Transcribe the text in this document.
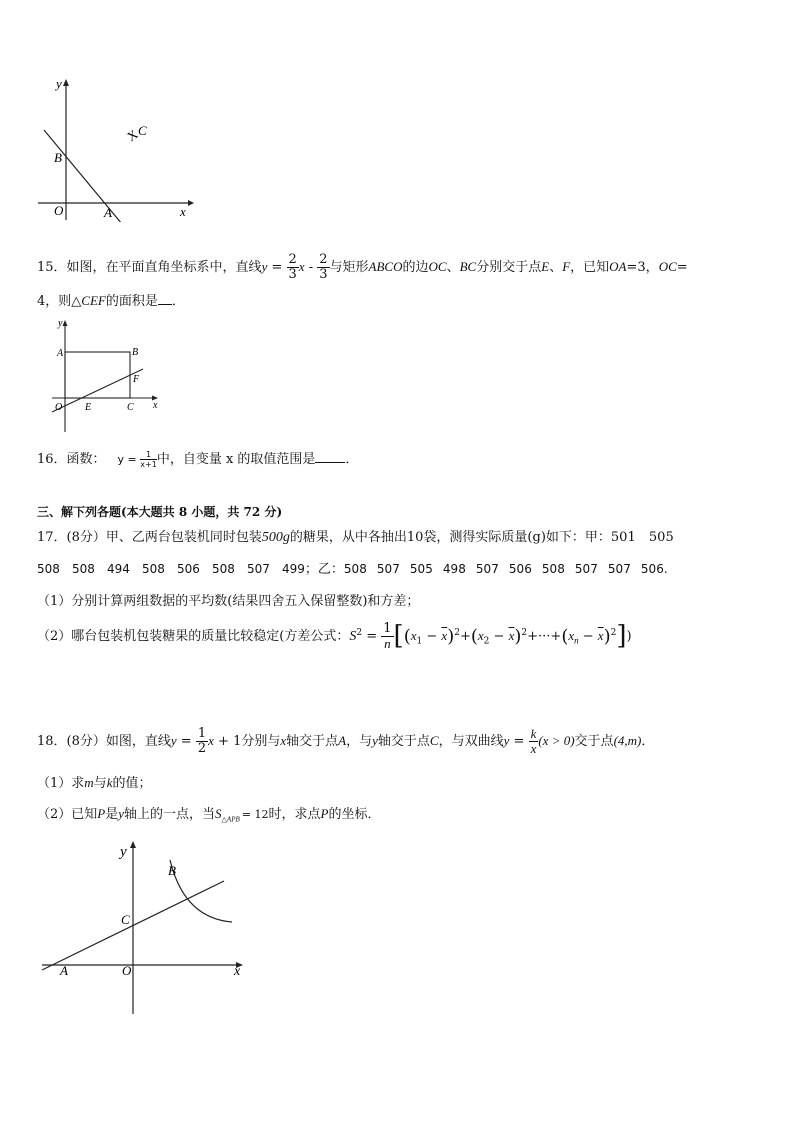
y
B
O	A	x
X
C
15．如图，在平面直角坐标系中，直线$y = \frac{2}{3}$ x - $\frac{2}{3}$ 与矩形ABCO的边OC、BC分别交于点E、F，已知OA=3，OC=
4，则△CEF的面积是 ．
y
A	B
F
O E	C x
16．函数： $y = \frac{1}{x+1}$ 中，自变量 x 的取值范围是 ．
三、解下列各题(本大题共 8 小题，共 72 分)
17．(8分）甲、乙两台包装机同时包装500g的糖果，从中各抽出10袋，测得实际质量(g)如下：甲：501 505
508 508 494 508 506 508 507 499；乙：508 507 505 498 507 506 508 507 507 506.
（1）分别计算两组数据的平均数(结果四舍五入保留整数)和方差；
（2）哪台包装机包装糖果的质量比较稳定(方差公式：$S^2 = \frac{1}{n} [(x_1 - \overline{x})^2+(x_2 - \overline{x})^2+\cdot\cdot\cdot+(x_n - \overline{x})^2]$)
18．(8分）如图，直线$y = \frac{1}{2}$ x + 1分别与x轴交于点A，与y轴交于点C，与双曲线$y = \frac{k}{x} (x > 0)$交于点(4,m)．
（1）求m与k的值；
（2）已知P是y轴上的一点，当$S_{\triangle APB} = 12$时，求点P的坐标．
y
B
C
A	O	x
